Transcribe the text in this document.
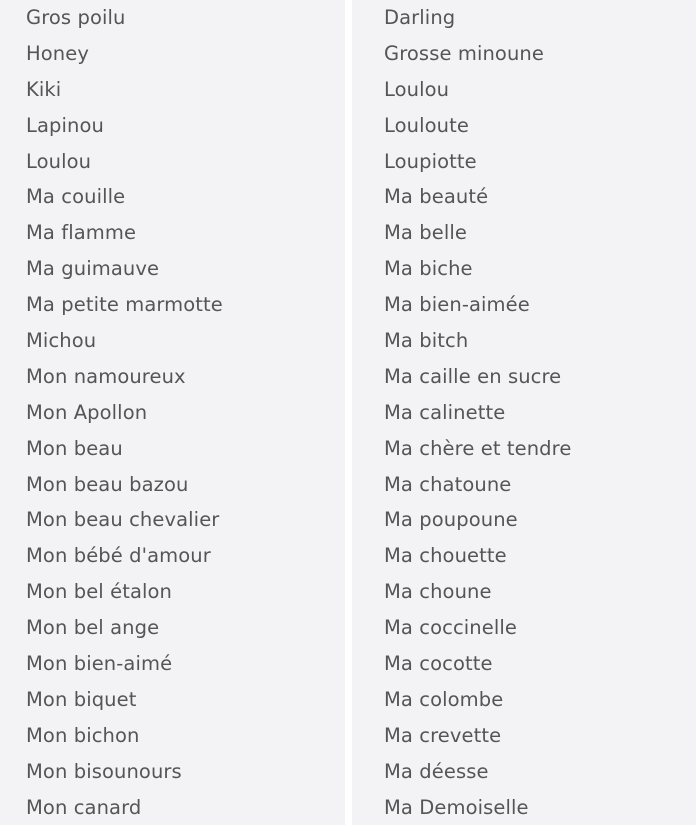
Gros poilu
Honey
Kiki
Lapinou
Loulou
Ma couille
Ma flamme
Ma guimauve
Ma petite marmotte
Michou
Mon namoureux
Mon Apollon
Mon beau
Mon beau bazou
Mon beau chevalier
Mon bébé d'amour
Mon bel étalon
Mon bel ange
Mon bien-aimé
Mon biquet
Mon bichon
Mon bisounours
Mon canard
Darling
Grosse minoune
Loulou
Louloute
Loupiotte
Ma beauté
Ma belle
Ma biche
Ma bien-aimée
Ma bitch
Ma caille en sucre
Ma calinette
Ma chère et tendre
Ma chatoune
Ma poupoune
Ma chouette
Ma choune
Ma coccinelle
Ma cocotte
Ma colombe
Ma crevette
Ma déesse
Ma Demoiselle
